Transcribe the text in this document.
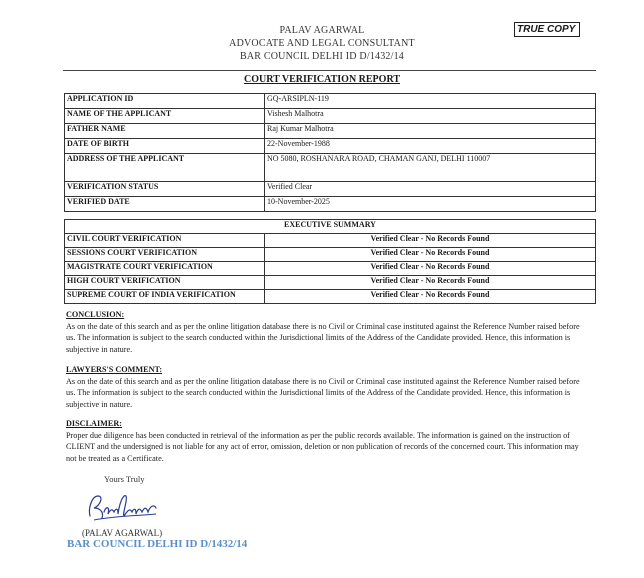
PALAV AGARWAL
ADVOCATE AND LEGAL CONSULTANT
BAR COUNCIL DELHI ID D/1432/14
TRUE COPY
COURT VERIFICATION REPORT
APPLICATION ID	GQ-ARSIPLN-119
NAME OF THE APPLICANT	Vishesh Malhotra
FATHER NAME	Raj Kumar Malhotra
DATE OF BIRTH	22-November-1988
ADDRESS OF THE APPLICANT	NO 5080, ROSHANARA ROAD, CHAMAN GANJ, DELHI 110007
VERIFICATION STATUS	Verified Clear
VERIFIED DATE	10-November-2025
EXECUTIVE SUMMARY	
CIVIL COURT VERIFICATION	Verified Clear - No Records Found
SESSIONS COURT VERIFICATION	Verified Clear - No Records Found
MAGISTRATE COURT VERIFICATION	Verified Clear - No Records Found
HIGH COURT VERIFICATION	Verified Clear - No Records Found
SUPREME COURT OF INDIA VERIFICATION	Verified Clear - No Records Found
CONCLUSION:
As on the date of this search and as per the online litigation database there is no Civil or Criminal case instituted against the Reference Number raised before us. The information is subject to the search conducted within the Jurisdictional limits of the Address of the Candidate provided. Hence, this information is subjective in nature.
LAWYERS'S COMMENT:
As on the date of this search and as per the online litigation database there is no Civil or Criminal case instituted against the Reference Number raised before us. The information is subject to the search conducted within the Jurisdictional limits of the Address of the Candidate provided. Hence, this information is subjective in nature.
DISCLAIMER:
Proper due diligence has been conducted in retrieval of the information as per the public records available. The information is gained on the instruction of CLIENT and the undersigned is not liable for any act of error, omission, deletion or non publication of records of the concerned court. This information may not be treated as a Certificate.
Yours Truly
(PALAV AGARWAL)
BAR COUNCIL DELHI ID D/1432/14
